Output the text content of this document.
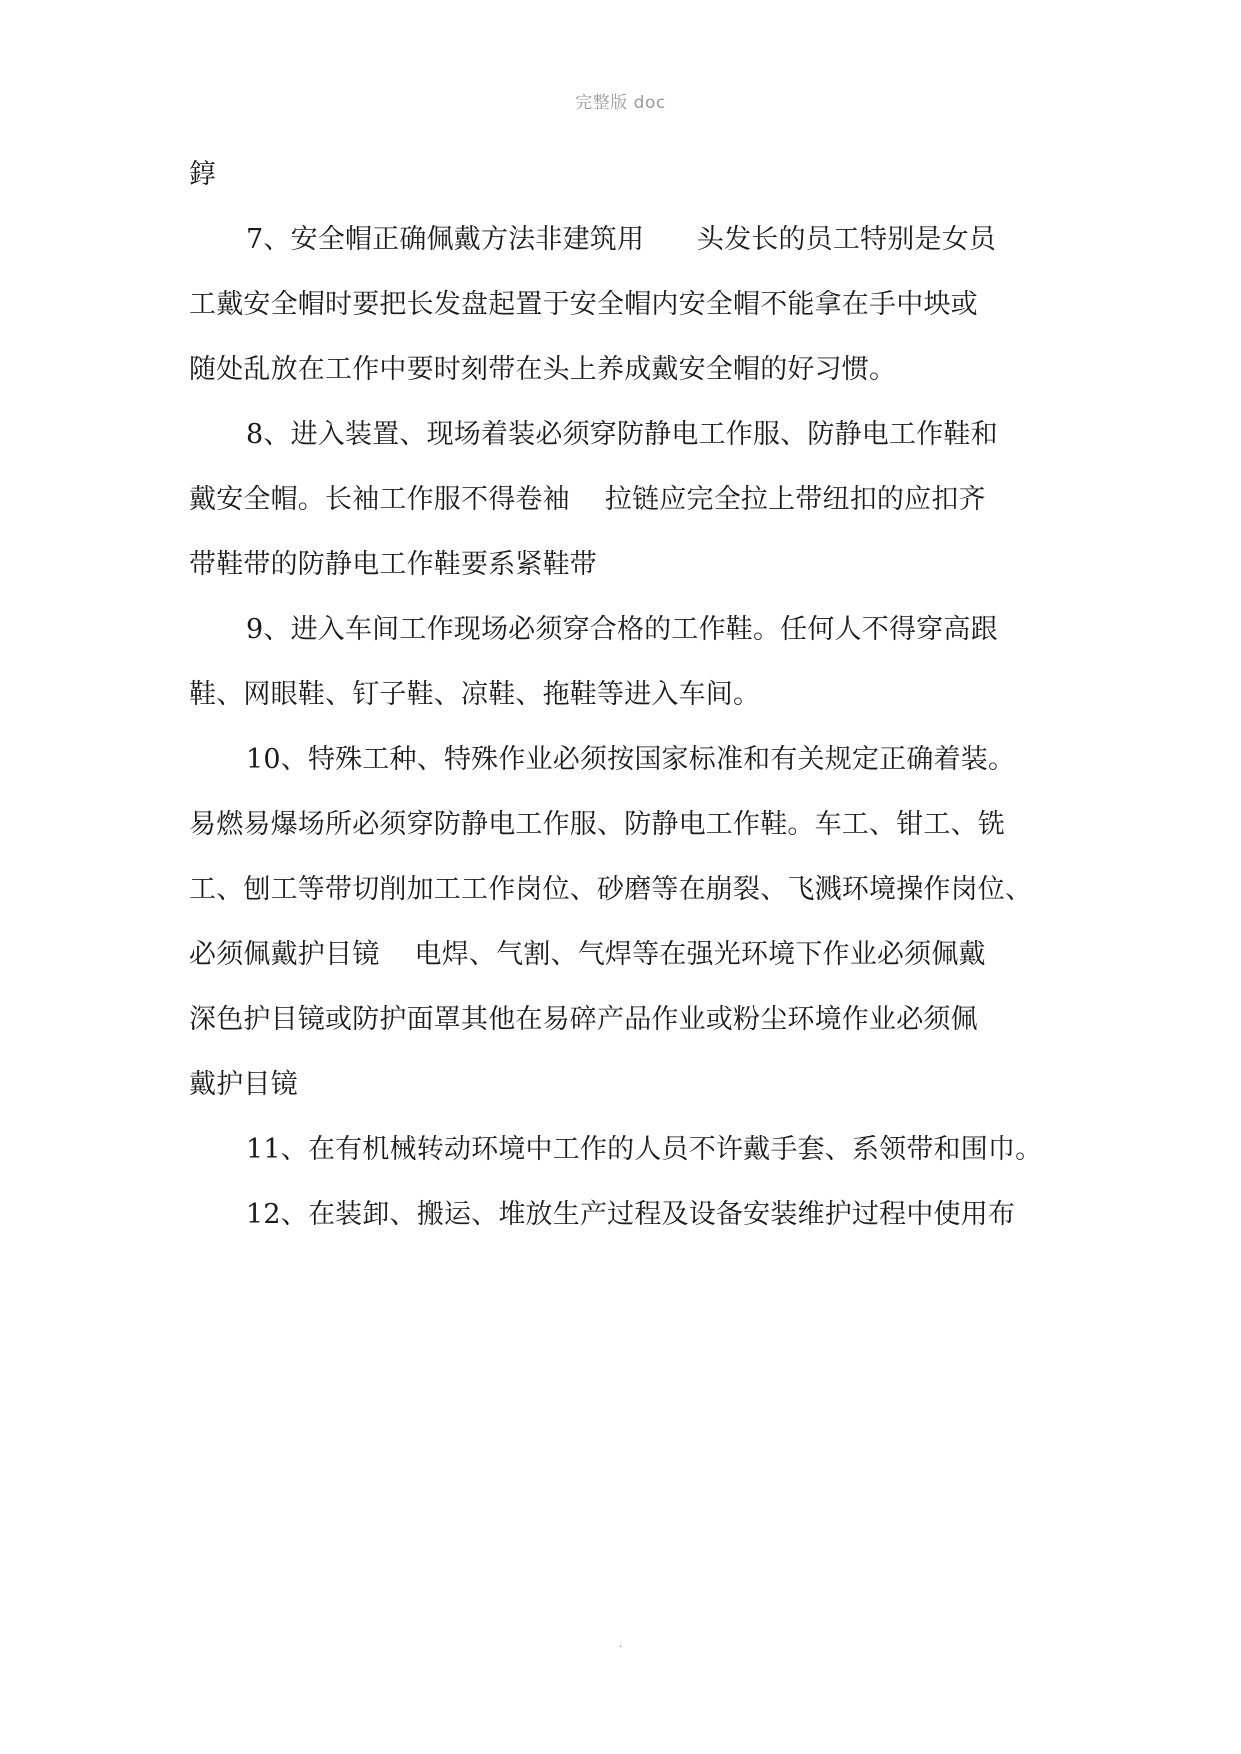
完整版 doc
錞
7、安全帽正确佩戴方法非建筑用      头发长的员工特别是女员
工戴安全帽时要把长发盘起置于安全帽内安全帽不能拿在手中坱或
随处乱放在工作中要时刻带在头上养成戴安全帽的好习惯。
8、进入装置、现场着装必须穿防静电工作服、防静电工作鞋和
戴安全帽。长袖工作服不得卷袖    拉链应完全拉上带纽扣的应扣齐
带鞋带的防静电工作鞋要系紧鞋带
9、进入车间工作现场必须穿合格的工作鞋。任何人不得穿高跟
鞋、网眼鞋、钉子鞋、凉鞋、拖鞋等进入车间。
10、特殊工种、特殊作业必须按国家标准和有关规定正确着装。
易燃易爆场所必须穿防静电工作服、防静电工作鞋。车工、钳工、铣
工、刨工等带切削加工工作岗位、砂磨等在崩裂、飞溅环境操作岗位、
必须佩戴护目镜    电焊、气割、气焊等在强光环境下作业必须佩戴
深色护目镜或防护面罩其他在易碎产品作业或粉尘环境作业必须佩
戴护目镜
11、在有机械转动环境中工作的人员不许戴手套、系领带和围巾。
12、在装卸、搬运、堆放生产过程及设备安装维护过程中使用布
.
